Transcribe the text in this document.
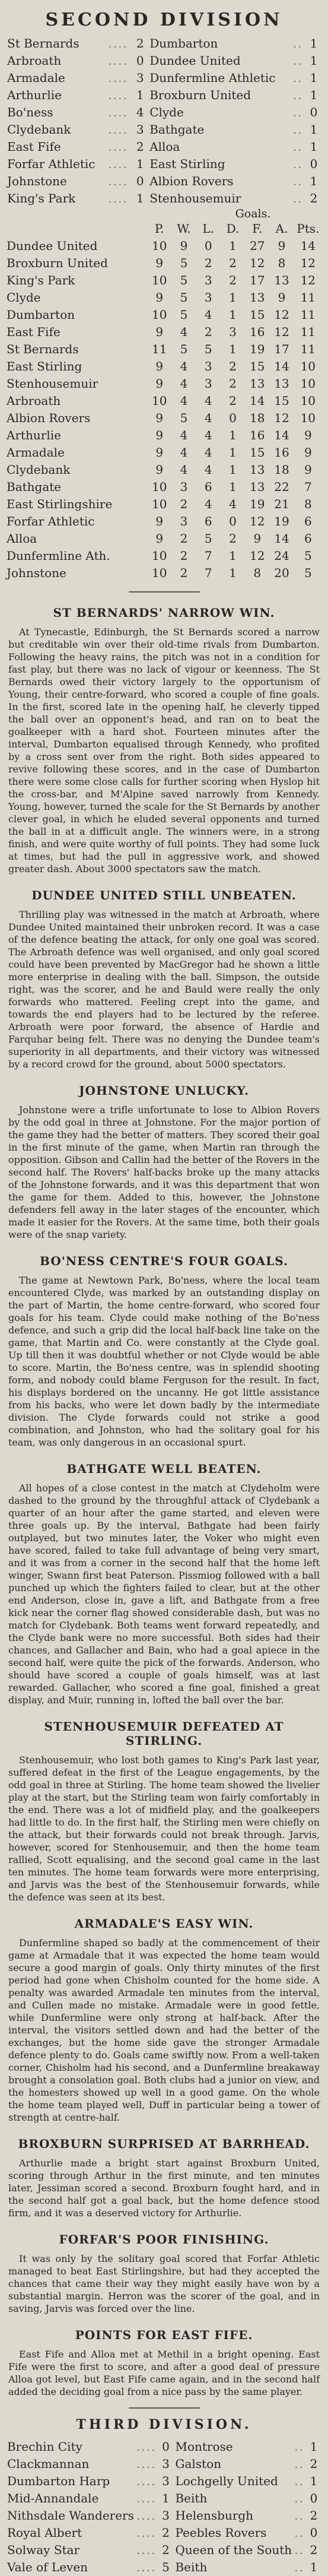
SECOND DIVISION
St Bernards	....	2	Dumbarton	..	1
Arbroath	....	0	Dundee United	..	1
Armadale	....	3	Dunfermline Athletic	..	1
Arthurlie	....	1	Broxburn United	..	1
Bo'ness	....	4	Clyde	..	0
Clydebank	....	3	Bathgate	..	1
East Fife	....	2	Alloa	..	1
Forfar Athletic	....	1	East Stirling	..	0
Johnstone	....	0	Albion Rovers	..	1
King's Park	....	1	Stenhousemuir	..	2
Goals.
	P.	W.	L.	D.	F.	A.	Pts.
Dundee United	10	9	0	1	27	9	14
Broxburn United	9	5	2	2	12	8	12
King's Park	10	5	3	2	17	13	12
Clyde	9	5	3	1	13	9	11
Dumbarton	10	5	4	1	15	12	11
East Fife	9	4	2	3	16	12	11
St Bernards	11	5	5	1	19	17	11
East Stirling	9	4	3	2	15	14	10
Stenhousemuir	9	4	3	2	13	13	10
Arbroath	10	4	4	2	14	15	10
Albion Rovers	9	5	4	0	18	12	10
Arthurlie	9	4	4	1	16	14	9
Armadale	9	4	4	1	15	16	9
Clydebank	9	4	4	1	13	18	9
Bathgate	10	3	6	1	13	22	7
East Stirlingshire	10	2	4	4	19	21	8
Forfar Athletic	9	3	6	0	12	19	6
Alloa	9	2	5	2	9	14	6
Dunfermline Ath.	10	2	7	1	12	24	5
Johnstone	10	2	7	1	8	20	5
ST BERNARDS' NARROW WIN.

At Tynecastle, Edinburgh, the St Bernards scored a narrow but creditable win over their old-time rivals from Dumbarton. Following the heavy rains, the pitch was not in a condition for fast play, but there was no lack of vigour or keenness. The St Bernards owed their victory largely to the opportunism of Young, their centre-forward, who scored a couple of fine goals. In the first, scored late in the opening half, he cleverly tipped the ball over an opponent's head, and ran on to beat the goalkeeper with a hard shot. Fourteen minutes after the interval, Dumbarton equalised through Kennedy, who profited by a cross sent over from the right. Both sides appeared to revive following these scores, and in the case of Dumbarton there were some close calls for further scoring when Hyslop hit the cross-bar, and M'Alpine saved narrowly from Kennedy. Young, however, turned the scale for the St Bernards by another clever goal, in which he eluded several opponents and turned the ball in at a difficult angle. The winners were, in a strong finish, and were quite worthy of full points. They had some luck at times, but had the pull in aggressive work, and showed greater dash. About 3000 spectators saw the match.

DUNDEE UNITED STILL UNBEATEN.

Thrilling play was witnessed in the match at Arbroath, where Dundee United maintained their unbroken record. It was a case of the defence beating the attack, for only one goal was scored. The Arbroath defence was well organised, and only goal scored could have been prevented by MacGregor had he shown a little more enterprise in dealing with the ball. Simpson, the outside right, was the scorer, and he and Bauld were really the only forwards who mattered. Feeling crept into the game, and towards the end players had to be lectured by the referee. Arbroath were poor forward, the absence of Hardie and Farquhar being felt. There was no denying the Dundee team's superiority in all departments, and their victory was witnessed by a record crowd for the ground, about 5000 spectators.

JOHNSTONE UNLUCKY.

Johnstone were a trifle unfortunate to lose to Albion Rovers by the odd goal in three at Johnstone. For the major portion of the game they had the better of matters. They scored their goal in the first minute of the game, when Martin ran through the opposition. Gibson and Callin had the better of the Rovers in the second half. The Rovers' half-backs broke up the many attacks of the Johnstone forwards, and it was this department that won the game for them. Added to this, however, the Johnstone defenders fell away in the later stages of the encounter, which made it easier for the Rovers. At the same time, both their goals were of the snap variety.

BO'NESS CENTRE'S FOUR GOALS.

The game at Newtown Park, Bo'ness, where the local team encountered Clyde, was marked by an outstanding display on the part of Martin, the home centre-forward, who scored four goals for his team. Clyde could make nothing of the Bo'ness defence, and such a grip did the local half-back line take on the game, that Martin and Co. were constantly at the Clyde goal. Up till then it was doubtful whether or not Clyde would be able to score. Martin, the Bo'ness centre, was in splendid shooting form, and nobody could blame Ferguson for the result. In fact, his displays bordered on the uncanny. He got little assistance from his backs, who were let down badly by the intermediate division. The Clyde forwards could not strike a good combination, and Johnston, who had the solitary goal for his team, was only dangerous in an occasional spurt.

BATHGATE WELL BEATEN.

All hopes of a close contest in the match at Clydeholm were dashed to the ground by the throughful attack of Clydebank a quarter of an hour after the game started, and eleven were three goals up. By the interval, Bathgate had been fairly outplayed, but two minutes later, the Voker who might even have scored, failed to take full advantage of being very smart, and it was from a corner in the second half that the home left winger, Swann first beat Paterson. Pissmiog followed with a ball punched up which the fighters failed to clear, but at the other end Anderson, close in, gave a lift, and Bathgate from a free kick near the corner flag showed considerable dash, but was no match for Clydebank. Both teams went forward repeatedly, and the Clyde bank were no more successful. Both sides had their chances, and Gallacher and Bain, who had a goal apiece in the second half, were quite the pick of the forwards. Anderson, who should have scored a couple of goals himself, was at last rewarded. Gallacher, who scored a fine goal, finished a great display, and Muir, running in, lofted the ball over the bar.

STENHOUSEMUIR DEFEATED AT STIRLING.

Stenhousemuir, who lost both games to King's Park last year, suffered defeat in the first of the League engagements, by the odd goal in three at Stirling. The home team showed the livelier play at the start, but the Stirling team won fairly comfortably in the end. There was a lot of midfield play, and the goalkeepers had little to do. In the first half, the Stirling men were chiefly on the attack, but their forwards could not break through. Jarvis, however, scored for Stenhousemuir, and then the home team rallied, Scott equalising, and the second goal came in the last ten minutes. The home team forwards were more enterprising, and Jarvis was the best of the Stenhousemuir forwards, while the defence was seen at its best.

ARMADALE'S EASY WIN.

Dunfermline shaped so badly at the commencement of their game at Armadale that it was expected the home team would secure a good margin of goals. Only thirty minutes of the first period had gone when Chisholm counted for the home side. A penalty was awarded Armadale ten minutes from the interval, and Cullen made no mistake. Armadale were in good fettle, while Dunfermline were only strong at half-back. After the interval, the visitors settled down and had the better of the exchanges, but the home side gave the stronger Armadale defence plenty to do. Goals came swiftly now. From a well-taken corner, Chisholm had his second, and a Dunfermline breakaway brought a consolation goal. Both clubs had a junior on view, and the homesters showed up well in a good game. On the whole the home team played well, Duff in particular being a tower of strength at centre-half.

BROXBURN SURPRISED AT BARRHEAD.

Arthurlie made a bright start against Broxburn United, scoring through Arthur in the first minute, and ten minutes later, Jessiman scored a second. Broxburn fought hard, and in the second half got a goal back, but the home defence stood firm, and it was a deserved victory for Arthurlie.

FORFAR'S POOR FINISHING.

It was only by the solitary goal scored that Forfar Athletic managed to beat East Stirlingshire, but had they accepted the chances that came their way they might easily have won by a substantial margin. Herron was the scorer of the goal, and in saving, Jarvis was forced over the line.

POINTS FOR EAST FIFE.

East Fife and Alloa met at Methil in a bright opening. East Fife were the first to score, and after a good deal of pressure Alloa got level, but East Fife came again, and in the second half added the deciding goal from a nice pass by the same player.

THIRD DIVISION.
Brechin City	....	0	Montrose	..	1
Clackmannan	....	3	Galston	..	2
Dumbarton Harp	....	3	Lochgelly United	..	1
Mid-Annandale	....	1	Beith	..	0
Nithsdale Wanderers	....	3	Helensburgh	..	2
Royal Albert	....	2	Peebles Rovers	..	0
Solway Star	....	2	Queen of the South	..	2
Vale of Leven	....	5	Beith	..	1
